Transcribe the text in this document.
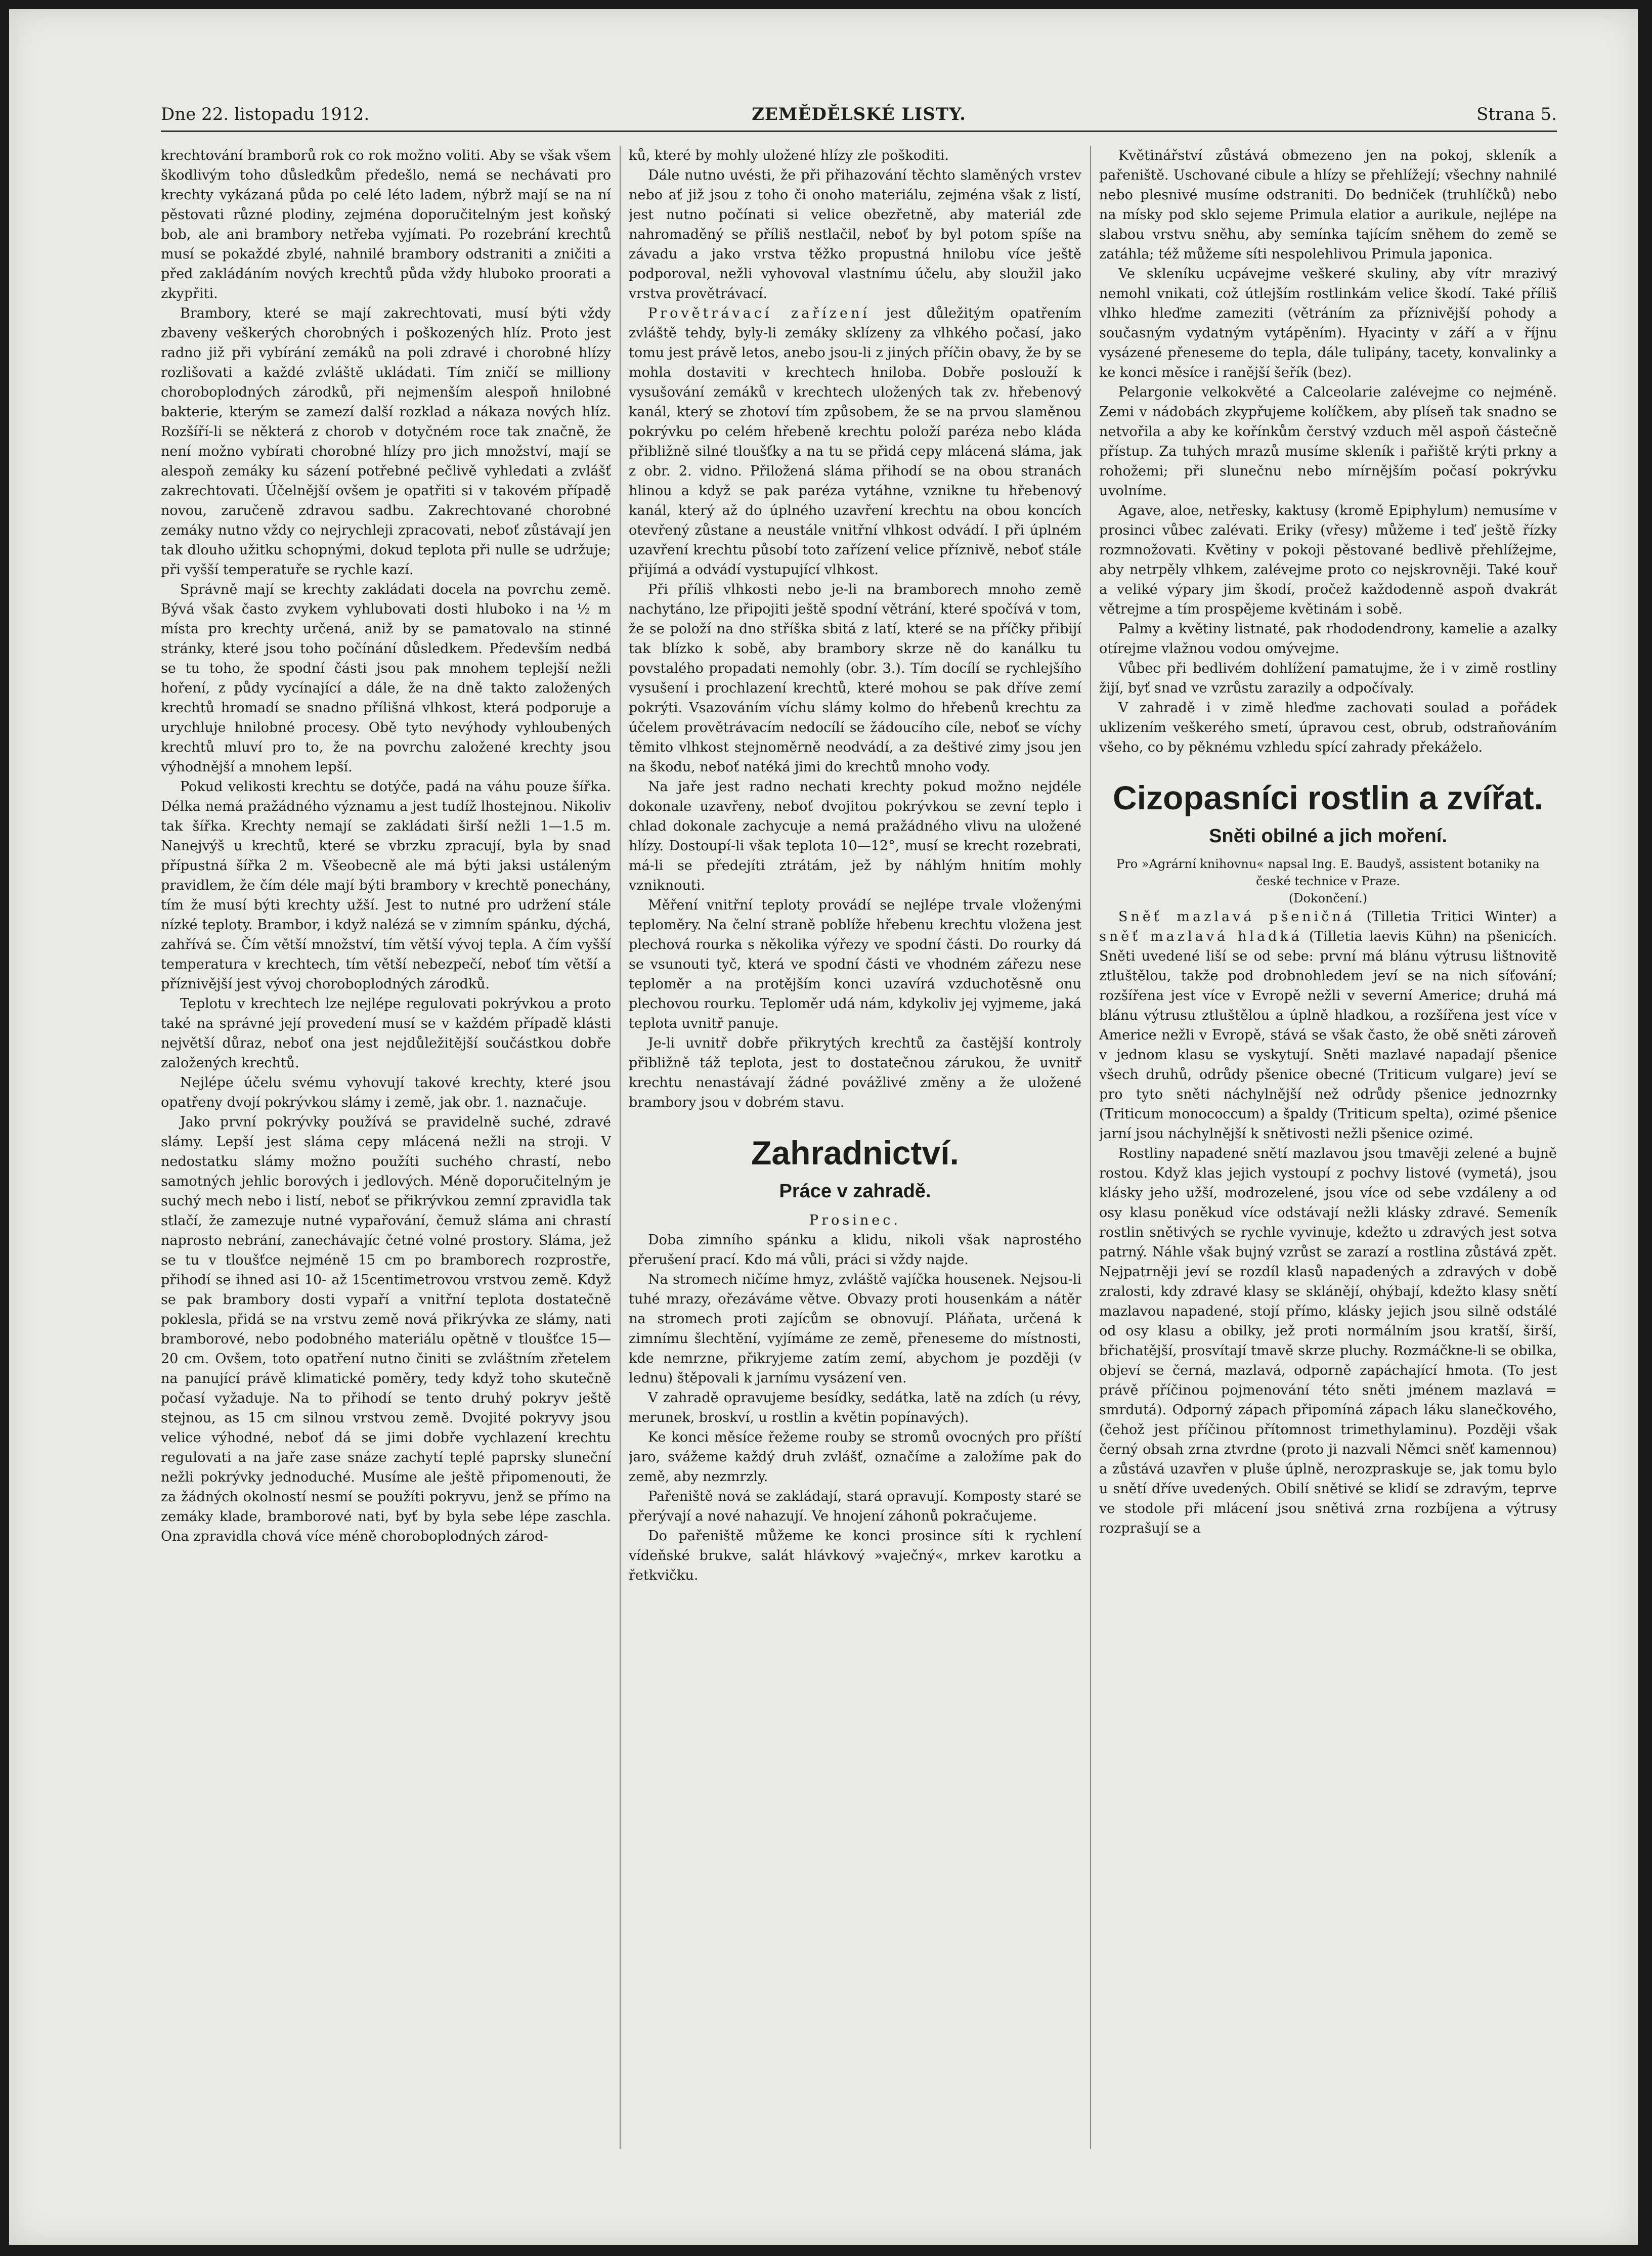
Dne 22. listopadu 1912.	ZEMĚDĚLSKÉ LISTY.	Strana 5.

krechtování bramborů rok co rok možno voliti. Aby se však všem škodlivým toho důsledkům předešlo, nemá se nechávati pro krechty vykázaná půda po celé léto ladem, nýbrž mají se na ní pěstovati různé plodiny, zejména doporučitelným jest koňský bob, ale ani brambory netřeba vyjímati. Po rozebrání krechtů musí se pokaždé zbylé, nahnilé brambory odstraniti a zničiti a před zakládáním nových krechtů půda vždy hluboko proorati a zkypřiti.

Brambory, které se mají zakrechtovati, musí býti vždy zbaveny veškerých chorobných i poškozených hlíz. Proto jest radno již při vybírání zemáků na poli zdravé i chorobné hlízy rozlišovati a každé zvláště ukládati. Tím zničí se milliony choroboplodných zárodků, při nejmenším alespoň hnilobné bakterie, kterým se zamezí další rozklad a nákaza nových hlíz. Rozšíří-li se některá z chorob v dotyčném roce tak značně, že není možno vybírati chorobné hlízy pro jich množství, mají se alespoň zemáky ku sázení potřebné pečlivě vyhledati a zvlášť zakrechtovati. Účelnější ovšem je opatřiti si v takovém případě novou, zaručeně zdravou sadbu. Zakrechtované chorobné zemáky nutno vždy co nejrychleji zpracovati, neboť zůstávají jen tak dlouho užitku schopnými, dokud teplota při nulle se udržuje; při vyšší temperatuře se rychle kazí.

Správně mají se krechty zakládati docela na povrchu země. Bývá však často zvykem vyhlubovati dosti hluboko i na ½ m místa pro krechty určená, aniž by se pamatovalo na stinné stránky, které jsou toho počínání důsledkem. Především nedbá se tu toho, že spodní části jsou pak mnohem teplejší nežli hoření, z půdy vycínající a dále, že na dně takto založených krechtů hromadí se snadno přílišná vlhkost, která podporuje a urychluje hnilobné procesy. Obě tyto nevýhody vyhloubených krechtů mluví pro to, že na povrchu založené krechty jsou výhodnější a mnohem lepší.

Pokud velikosti krechtu se dotýče, padá na váhu pouze šířka. Délka nemá pražádného významu a jest tudíž lhostejnou. Nikoliv tak šířka. Krechty nemají se zakládati širší nežli 1—1.5 m. Nanejvýš u krechtů, které se vbrzku zpracují, byla by snad přípustná šířka 2 m. Všeobecně ale má býti jaksi ustáleným pravidlem, že čím déle mají býti brambory v krechtě ponechány, tím že musí býti krechty užší. Jest to nutné pro udržení stále nízké teploty. Brambor, i když nalézá se v zimním spánku, dýchá, zahřívá se. Čím větší množství, tím větší vývoj tepla. A čím vyšší temperatura v krechtech, tím větší nebezpečí, neboť tím větší a příznivější jest vývoj choroboplodných zárodků.

Teplotu v krechtech lze nejlépe regulovati pokrývkou a proto také na správné její provedení musí se v každém případě klásti největší důraz, neboť ona jest nejdůležitější součástkou dobře založených krechtů.

Nejlépe účelu svému vyhovují takové krechty, které jsou opatřeny dvojí pokrývkou slámy i země, jak obr. 1. naznačuje.

Jako první pokrývky používá se pravidelně suché, zdravé slámy. Lepší jest sláma cepy mlácená nežli na stroji. V nedostatku slámy možno použíti suchého chrastí, nebo samotných jehlic borových i jedlových. Méně doporučitelným je suchý mech nebo i listí, neboť se přikrývkou zemní zpravidla tak stlačí, že zamezuje nutné vypařování, čemuž sláma ani chrastí naprosto nebrání, zanechávajíc četné volné prostory. Sláma, jež se tu v tloušťce nejméně 15 cm po bramborech rozprostře, přihodí se ihned asi 10- až 15centimetrovou vrstvou země. Když se pak brambory dosti vypaří a vnitřní teplota dostatečně poklesla, přidá se na vrstvu země nová přikrývka ze slámy, nati bramborové, nebo podobného materiálu opětně v tloušťce 15—20 cm. Ovšem, toto opatření nutno činiti se zvláštním zřetelem na panující právě klimatické poměry, tedy když toho skutečně počasí vyžaduje. Na to přihodí se tento druhý pokryv ještě stejnou, as 15 cm silnou vrstvou země. Dvojité pokryvy jsou velice výhodné, neboť dá se jimi dobře vychlazení krechtu regulovati a na jaře zase snáze zachytí teplé paprsky sluneční nežli pokrývky jednoduché. Musíme ale ještě připomenouti, že za žádných okolností nesmí se použíti pokryvu, jenž se přímo na zemáky klade, bramborové nati, byť by byla sebe lépe zaschla. Ona zpravidla chová více méně choroboplodných zárod-

ků, které by mohly uložené hlízy zle poškoditi.

Dále nutno uvésti, že při přihazování těchto slaměných vrstev nebo ať již jsou z toho či onoho materiálu, zejména však z listí, jest nutno počínati si velice obezřetně, aby materiál zde nahromaděný se příliš nestlačil, neboť by byl potom spíše na závadu a jako vrstva těžko propustná hnilobu více ještě podporoval, nežli vyhovoval vlastnímu účelu, aby sloužil jako vrstva provětrávací.

Provětrávací zařízení jest důležitým opatřením zvláště tehdy, byly-li zemáky sklízeny za vlhkého počasí, jako tomu jest právě letos, anebo jsou-li z jiných příčin obavy, že by se mohla dostaviti v krechtech hniloba. Dobře poslouží k vysušování zemáků v krechtech uložených tak zv. hřebenový kanál, který se zhotoví tím způsobem, že se na prvou slaměnou pokrývku po celém hřebeně krechtu položí paréza nebo kláda přibližně silné tloušťky a na tu se přidá cepy mlácená sláma, jak z obr. 2. vidno. Přiložená sláma přihodí se na obou stranách hlinou a když se pak paréza vytáhne, vznikne tu hřebenový kanál, který až do úplného uzavření krechtu na obou koncích otevřený zůstane a neustále vnitřní vlhkost odvádí. I při úplném uzavření krechtu působí toto zařízení velice příznivě, neboť stále přijímá a odvádí vystupující vlhkost.

Při příliš vlhkosti nebo je-li na bramborech mnoho země nachytáno, lze připojiti ještě spodní větrání, které spočívá v tom, že se položí na dno stříška sbitá z latí, které se na příčky přibijí tak blízko k sobě, aby brambory skrze ně do kanálku tu povstalého propadati nemohly (obr. 3.). Tím docílí se rychlejšího vysušení i prochlazení krechtů, které mohou se pak dříve zemí pokrýti. Vsazováním víchu slámy kolmo do hřebenů krechtu za účelem provětrávacím nedocílí se žádoucího cíle, neboť se víchy těmito vlhkost stejnoměrně neodvádí, a za deštivé zimy jsou jen na škodu, neboť natéká jimi do krechtů mnoho vody.

Na jaře jest radno nechati krechty pokud možno nejdéle dokonale uzavřeny, neboť dvojitou pokrývkou se zevní teplo i chlad dokonale zachycuje a nemá pražádného vlivu na uložené hlízy. Dostoupí-li však teplota 10—12°, musí se krecht rozebrati, má-li se předejíti ztrátám, jež by náhlým hnitím mohly vzniknouti.

Měření vnitřní teploty provádí se nejlépe trvale vloženými teploměry. Na čelní straně poblíže hřebenu krechtu vložena jest plechová rourka s několika výřezy ve spodní části. Do rourky dá se vsunouti tyč, která ve spodní části ve vhodném zářezu nese teploměr a na protějším konci uzavírá vzduchotěsně onu plechovou rourku. Teploměr udá nám, kdykoliv jej vyjmeme, jaká teplota uvnitř panuje.

Je-li uvnitř dobře přikrytých krechtů za častější kontroly přibližně táž teplota, jest to dostatečnou zárukou, že uvnitř krechtu nenastávají žádné povážlivé změny a že uložené brambory jsou v dobrém stavu.

Zahradnictví.
Práce v zahradě.

Prosinec.

Doba zimního spánku a klidu, nikoli však naprostého přerušení prací. Kdo má vůli, práci si vždy najde.

Na stromech ničíme hmyz, zvláště vajíčka housenek. Nejsou-li tuhé mrazy, ořezáváme větve. Obvazy proti housenkám a nátěr na stromech proti zajícům se obnovují. Pláňata, určená k zimnímu šlechtění, vyjímáme ze země, přeneseme do místnosti, kde nemrzne, přikryjeme zatím zemí, abychom je později (v lednu) štěpovali k jarnímu vysázení ven.

V zahradě opravujeme besídky, sedátka, latě na zdích (u révy, merunek, broskví, u rostlin a květin popínavých).

Ke konci měsíce řežeme rouby se stromů ovocných pro příští jaro, svážeme každý druh zvlášť, označíme a založíme pak do země, aby nezmrzly.

Pařeniště nová se zakládají, stará opravují. Komposty staré se přerývají a nové nahazují. Ve hnojení záhonů pokračujeme.

Do pařeniště můžeme ke konci prosince síti k rychlení vídeňské brukve, salát hlávkový »vaječný«, mrkev karotku a řetkvičku.

Květinářství zůstává obmezeno jen na pokoj, skleník a pařeniště. Uschované cibule a hlízy se přehlížejí; všechny nahnilé nebo plesnivé musíme odstraniti. Do bedniček (truhlíčků) nebo na mísky pod sklo sejeme Primula elatior a aurikule, nejlépe na slabou vrstvu sněhu, aby semínka tajícím sněhem do země se zatáhla; též můžeme síti nespolehlivou Primula japonica.

Ve skleníku ucpávejme veškeré skuliny, aby vítr mrazivý nemohl vnikati, což útlejším rostlinkám velice škodí. Také příliš vlhko hleďme zameziti (větráním za příznivější pohody a současným vydatným vytápěním). Hyacinty v září a v říjnu vysázené přeneseme do tepla, dále tulipány, tacety, konvalinky a ke konci měsíce i ranější šeřík (bez).

Pelargonie velkokvěté a Calceolarie zalévejme co nejméně. Zemi v nádobách zkypřujeme kolíčkem, aby plíseň tak snadno se netvořila a aby ke kořínkům čerstvý vzduch měl aspoň částečně přístup. Za tuhých mrazů musíme skleník i pařiště krýti prkny a rohožemi; při slunečnu nebo mírnějším počasí pokrývku uvolníme.

Agave, aloe, netřesky, kaktusy (kromě Epiphylum) nemusíme v prosinci vůbec zalévati. Eriky (vřesy) můžeme i teď ještě řízky rozmnožovati. Květiny v pokoji pěstované bedlivě přehlížejme, aby netrpěly vlhkem, zalévejme proto co nejskrovněji. Také kouř a veliké výpary jim škodí, pročež každodenně aspoň dvakrát větrejme a tím prospějeme květinám i sobě.

Palmy a květiny listnaté, pak rhododendrony, kamelie a azalky otírejme vlažnou vodou omývejme.

Vůbec při bedlivém dohlížení pamatujme, že i v zimě rostliny žijí, byť snad ve vzrůstu zarazily a odpočívaly.

V zahradě i v zimě hleďme zachovati soulad a pořádek uklizením veškerého smetí, úpravou cest, obrub, odstraňováním všeho, co by pěknému vzhledu spící zahrady překáželo.

Cizopasníci rostlin a zvířat.
Sněti obilné a jich moření.

Pro »Agrární knihovnu« napsal Ing. E. Baudyš, assistent botaniky na české technice v Praze.

(Dokončení.)

Sněť mazlavá pšeničná (Tilletia Tritici Winter) a sněť mazlavá hladká (Tilletia laevis Kühn) na pšenicích. Sněti uvedené liší se od sebe: první má blánu výtrusu lištnovitě ztluštělou, takže pod drobnohledem jeví se na nich síťování; rozšířena jest více v Evropě nežli v severní Americe; druhá má blánu výtrusu ztluštělou a úplně hladkou, a rozšířena jest více v Americe nežli v Evropě, stává se však často, že obě sněti zároveň v jednom klasu se vyskytují. Sněti mazlavé napadají pšenice všech druhů, odrůdy pšenice obecné (Triticum vulgare) jeví se pro tyto sněti náchylnější než odrůdy pšenice jednozrnky (Triticum monococcum) a špaldy (Triticum spelta), ozimé pšenice jarní jsou náchylnější k snětivosti nežli pšenice ozimé.

Rostliny napadené snětí mazlavou jsou tmavěji zelené a bujně rostou. Když klas jejich vystoupí z pochvy listové (vymetá), jsou klásky jeho užší, modrozelené, jsou více od sebe vzdáleny a od osy klasu poněkud více odstávají nežli klásky zdravé. Semeník rostlin snětivých se rychle vyvinuje, kdežto u zdravých jest sotva patrný. Náhle však bujný vzrůst se zarazí a rostlina zůstává zpět. Nejpatrněji jeví se rozdíl klasů napadených a zdravých v době zralosti, kdy zdravé klasy se sklánějí, ohýbají, kdežto klasy snětí mazlavou napadené, stojí přímo, klásky jejich jsou silně odstálé od osy klasu a obilky, jež proti normálním jsou kratší, širší, břichatější, prosvítají tmavě skrze pluchy. Rozmáčkne-li se obilka, objeví se černá, mazlavá, odporně zapáchající hmota. (To jest právě příčinou pojmenování této sněti jménem mazlavá = smrdutá). Odporný zápach připomíná zápach láku slanečkového, (čehož jest příčinou přítomnost trimethylaminu). Později však černý obsah zrna ztvrdne (proto ji nazvali Němci sněť kamennou) a zůstává uzavřen v pluše úplně, nerozpraskuje se, jak tomu bylo u snětí dříve uvedených. Obilí snětivé se klidí se zdravým, teprve ve stodole při mlácení jsou snětivá zrna rozbíjena a výtrusy rozprašují se a
